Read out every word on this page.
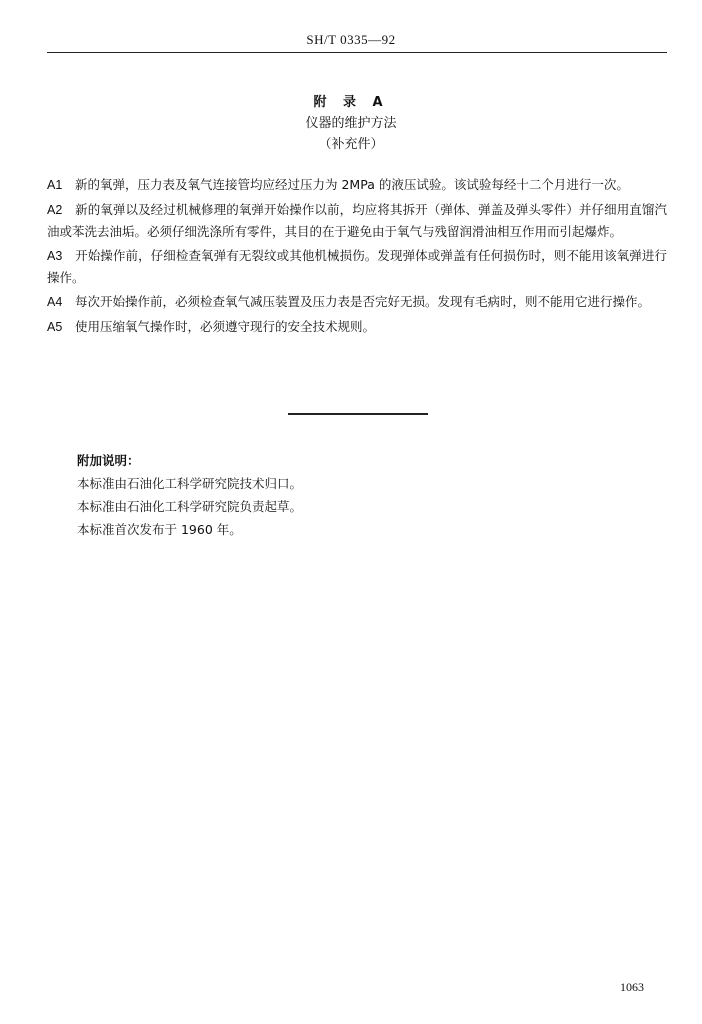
SH/T 0335—92
附 录 A
仪器的维护方法
（补充件）

A1 新的氧弹，压力表及氧气连接管均应经过压力为 2MPa 的液压试验。该试验每经十二个月进行一次。

A2 新的氧弹以及经过机械修理的氧弹开始操作以前，均应将其拆开（弹体、弹盖及弹头零件）并仔细用直馏汽油或苯洗去油垢。必须仔细洗涤所有零件，其目的在于避免由于氧气与残留润滑油相互作用而引起爆炸。

A3 开始操作前，仔细检查氧弹有无裂纹或其他机械损伤。发现弹体或弹盖有任何损伤时，则不能用该氧弹进行操作。

A4 每次开始操作前，必须检查氧气减压装置及压力表是否完好无损。发现有毛病时，则不能用它进行操作。

A5 使用压缩氧气操作时，必须遵守现行的安全技术规则。

附加说明：
本标准由石油化工科学研究院技术归口。
本标准由石油化工科学研究院负责起草。
本标准首次发布于 1960 年。
1063
